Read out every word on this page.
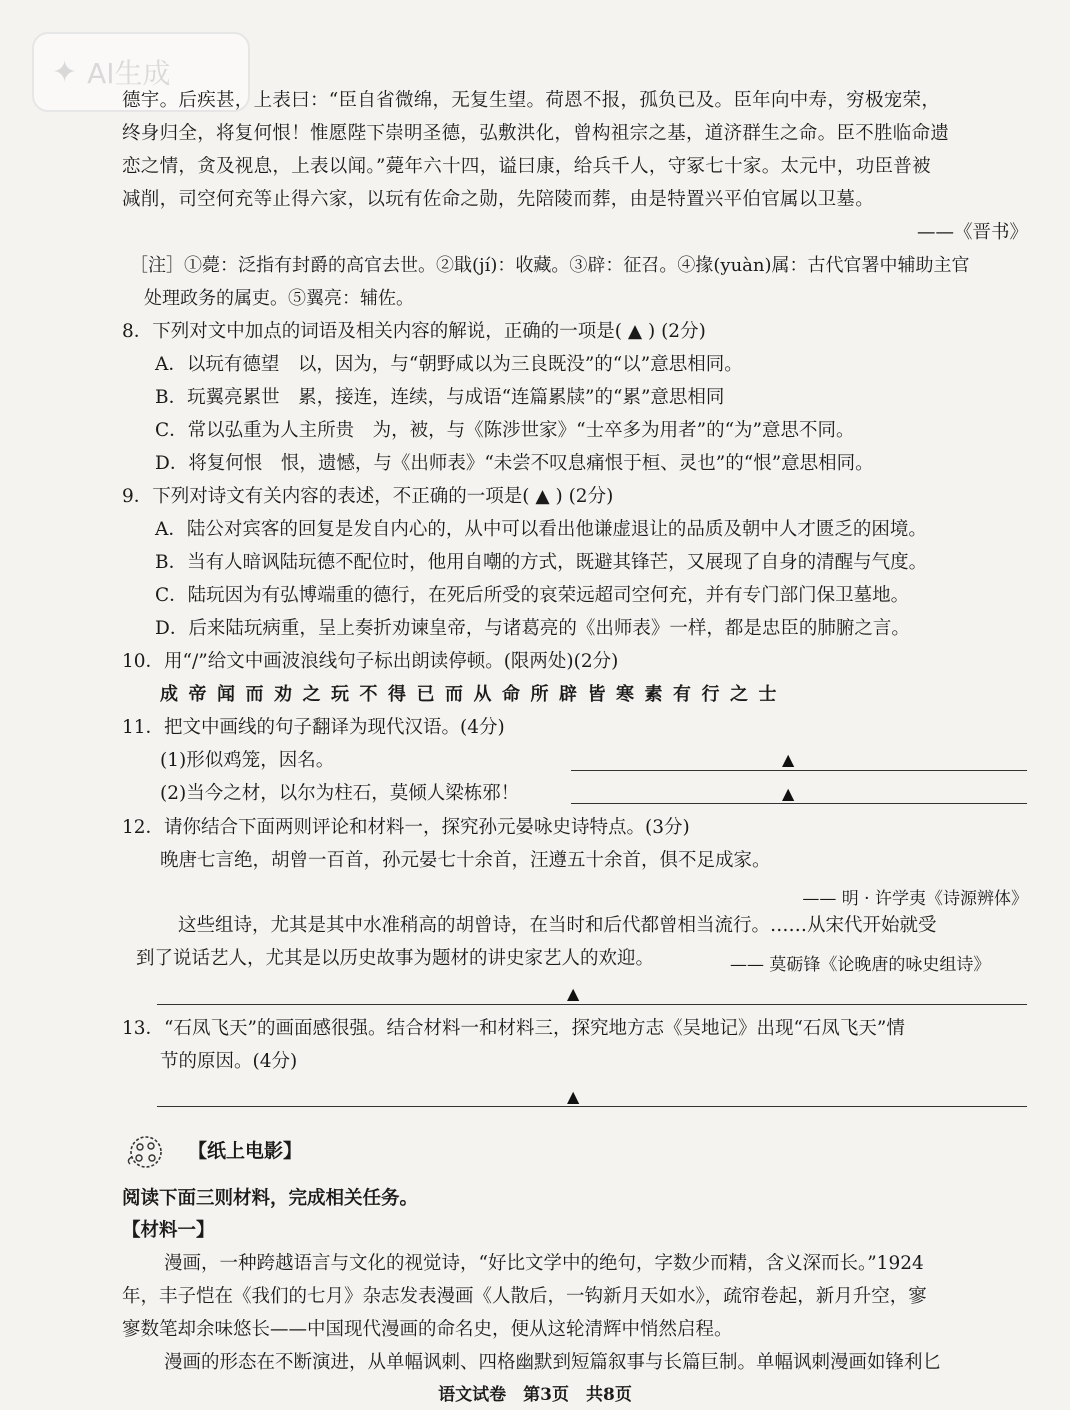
✦ AI生成
德宇。后疾甚，上表曰：“臣自省微绵，无复生望。荷恩不报，孤负已及。臣年向中寿，穷极宠荣，
终身归全，将复何恨！惟愿陛下崇明圣德，弘敷洪化，曾构祖宗之基，道济群生之命。臣不胜临命遗
恋之情，贪及视息，上表以闻。”薨年六十四，谥曰康，给兵千人，守冢七十家。太元中，功臣普被
减削，司空何充等止得六家，以玩有佐命之勋，先陪陵而葬，由是特置兴平伯官属以卫墓。
——《晋书》
［注］①薨：泛指有封爵的高官去世。②戢(jí)：收藏。③辟：征召。④掾(yuàn)属：古代官署中辅助主官
处理政务的属吏。⑤翼亮：辅佐。
8．下列对文中加点的词语及相关内容的解说，正确的一项是( ▲ ) (2分)
A．以玩有德望　以，因为，与“朝野咸以为三良既没”的“以”意思相同。
B．玩翼亮累世　累，接连，连续，与成语“连篇累牍”的“累”意思相同
C．常以弘重为人主所贵　为，被，与《陈涉世家》“士卒多为用者”的“为”意思不同。
D．将复何恨　恨，遗憾，与《出师表》“未尝不叹息痛恨于桓、灵也”的“恨”意思相同。
9．下列对诗文有关内容的表述，不正确的一项是( ▲ ) (2分)
A．陆公对宾客的回复是发自内心的，从中可以看出他谦虚退让的品质及朝中人才匮乏的困境。
B．当有人暗讽陆玩德不配位时，他用自嘲的方式，既避其锋芒，又展现了自身的清醒与气度。
C．陆玩因为有弘博端重的德行，在死后所受的哀荣远超司空何充，并有专门部门保卫墓地。
D．后来陆玩病重，呈上奏折劝谏皇帝，与诸葛亮的《出师表》一样，都是忠臣的肺腑之言。
10．用“/”给文中画波浪线句子标出朗读停顿。(限两处)(2分)
成帝闻而劝之玩不得已而从命所辟皆寒素有行之士
11．把文中画线的句子翻译为现代汉语。(4分)
(1)形似鸡笼，因名。	▲
(2)当今之材，以尔为柱石，莫倾人梁栋邪！	▲
12．请你结合下面两则评论和材料一，探究孙元晏咏史诗特点。(3分)
晚唐七言绝，胡曾一百首，孙元晏七十余首，汪遵五十余首，俱不足成家。
—— 明 · 许学夷《诗源辨体》
这些组诗，尤其是其中水准稍高的胡曾诗，在当时和后代都曾相当流行。……从宋代开始就受
到了说话艺人，尤其是以历史故事为题材的讲史家艺人的欢迎。	—— 莫砺锋《论晚唐的咏史组诗》
▲
13．“石凤飞天”的画面感很强。结合材料一和材料三，探究地方志《吴地记》出现“石凤飞天”情
节的原因。(4分)
▲
【纸上电影】
阅读下面三则材料，完成相关任务。
【材料一】
漫画，一种跨越语言与文化的视觉诗，“好比文学中的绝句，字数少而精，含义深而长。”1924
年，丰子恺在《我们的七月》杂志发表漫画《人散后，一钩新月天如水》，疏帘卷起，新月升空，寥
寥数笔却余味悠长——中国现代漫画的命名史，便从这轮清辉中悄然启程。
漫画的形态在不断演进，从单幅讽刺、四格幽默到短篇叙事与长篇巨制。单幅讽刺漫画如锋利匕
语文试卷　第3页　共8页
